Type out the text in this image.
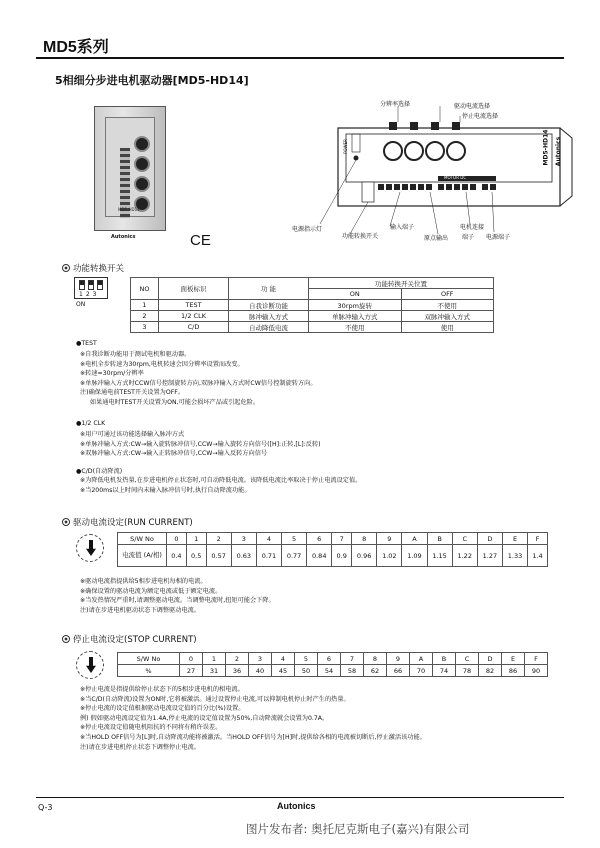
MD5系列
5相细分步进电机驱动器[MD5-HD14]
MD5-HD14
Autonics	CE
分辨率选择	驱动电流选择
停止电流选择
MD5-HD14 Autonics
POWER
MOTOR DC
电源指示灯
功能转换开关
输入端子
原点输出
电机连接
端子 电源端子
功能转换开关
123
ON
NO	面板标识	功 能	功能转换开关位置	
			ON	OFF
1	TEST	自我诊断功能	30rpm旋转	不使用
2	1/2 CLK	脉冲输入方式	单脉冲输入方式	双脉冲输入方式
3	C/D	自动降低电流	不使用	使用
●TEST
※自我诊断功能用于测试电机和驱动器。
※电机全步转速为30rpm,电机转速会因分辨率设置而改变。
※转速=30rpm/分辨率
※单脉冲输入方式时CCW信号控制旋转方向,双脉冲输入方式时CW信号控制旋转方向。
注)确保通电前TEST开关设置为OFF。
如果通电时TEST开关设置为ON,可能会损坏产品或引起危险。
●1/2 CLK
※用户可通过该功能选择输入脉冲方式
※单脉冲输入方式:CW→输入旋转脉冲信号,CCW→输入旋转方向信号([H]:正转,[L]:反转)
※双脉冲输入方式:CW→输入正转脉冲信号,CCW→输入反转方向信号
●C/D(自动降流)
※为降低电机发热量,在步进电机停止状态时,可自动降低电流。该降低电流比率取决于停止电流设定值。
※当200ms以上时间内未输入脉冲信号时,执行自动降流功能。
驱动电流设定(RUN CURRENT)
S/W No	0	1	2	3	4	5	6	7	8	9	A	B	C	D	E	F
电流值 (A/相)	0.4	0.5	0.57	0.63	0.71	0.77	0.84	0.9	0.96	1.02	1.09	1.15	1.22	1.27	1.33	1.4
※驱动电流指提供给5相步进电机每相的电流。
※确保设置的驱动电流为额定电流或低于额定电流。
※当发热情况严重时,请调整驱动电流。当调整电流时,扭矩可能会下降。
注)请在步进电机驱动状态下调整驱动电流。
停止电流设定(STOP CURRENT)
S/W No	0	1	2	3	4	5	6	7	8	9	A	B	C	D	E	F
%	27	31	36	40	45	50	54	58	62	66	70	74	78	82	86	90
※停止电流是指提供给停止状态下的5相步进电机的相电流。
※当C/D(自动降流)设置为ON时,它将被激活。通过设置停止电流,可以抑制电机停止时产生的热量。
※停止电流的设定值根据驱动电流设定值的百分比(%)设置。
例) 假如驱动电流设定值为1.4A,停止电流的设定值设置为50%,自动降流就会设置为0.7A。
※停止电流设定值随电机阻抗的不同将有稍许误差。
※当HOLD OFF信号为[L]时,自动降流功能将被激活。当HOLD OFF信号为[H]时,提供给各相的电流被切断后,停止激活该功能。
注)请在步进电机停止状态下调整停止电流。
Q-3	Autonics
图片发布者: 奥托尼克斯电子(嘉兴)有限公司
